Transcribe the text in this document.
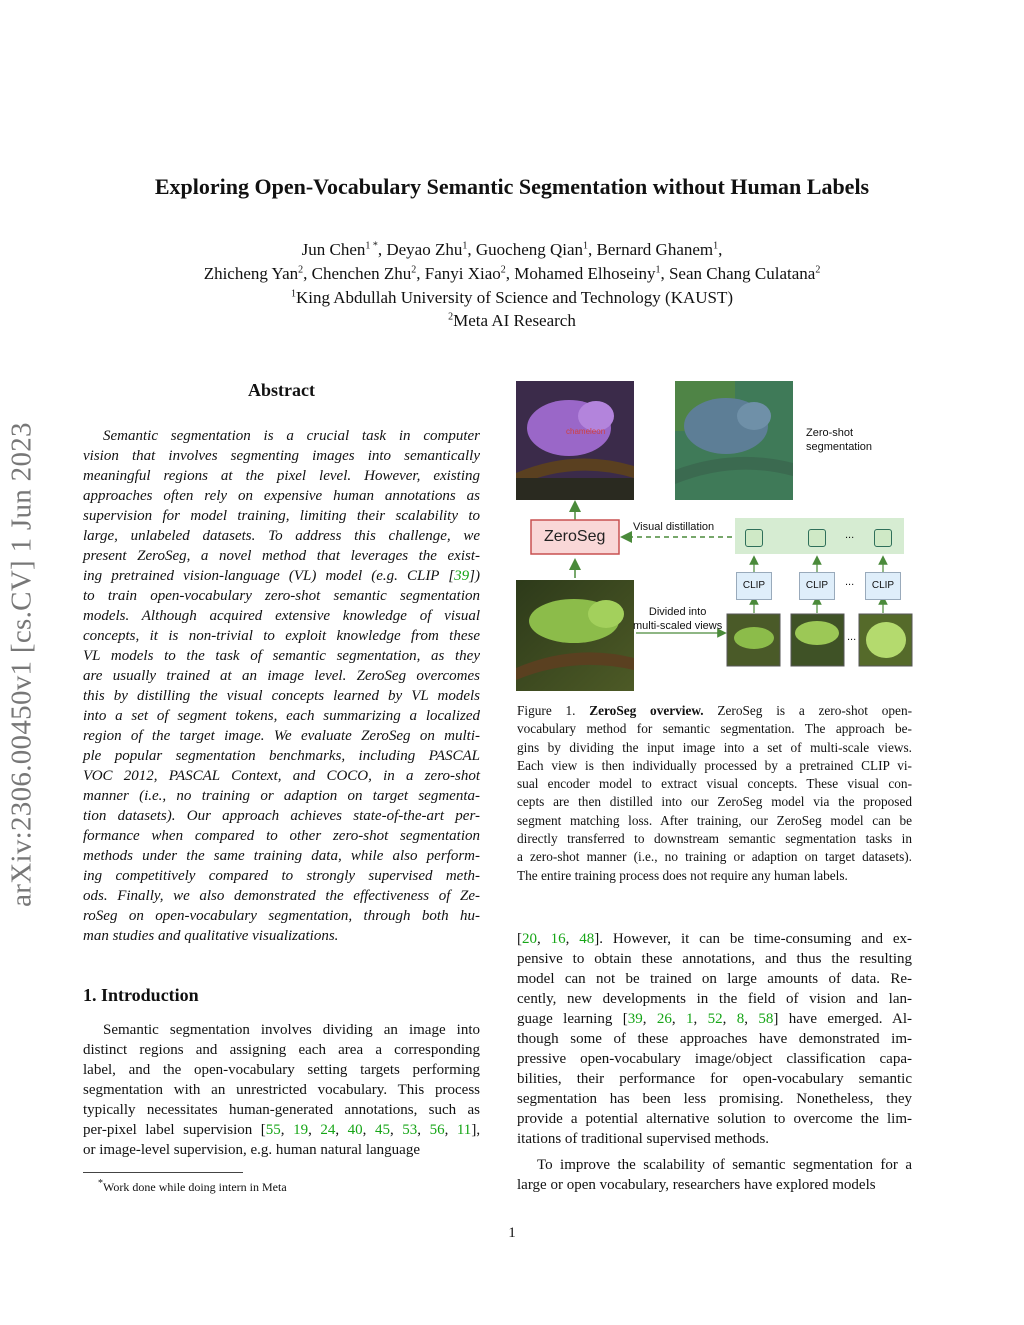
arXiv:2306.00450v1 [cs.CV] 1 Jun 2023
Exploring Open-Vocabulary Semantic Segmentation without Human Labels
Jun Chen$^{1 *}$, Deyao Zhu$^1$, Guocheng Qian$^1$, Bernard Ghanem$^1$,
Zhicheng Yan$^2$, Chenchen Zhu$^2$, Fanyi Xiao$^2$, Mohamed Elhoseiny$^1$, Sean Chang Culatana$^2$
$^1$King Abdullah University of Science and Technology (KAUST)
$^2$Meta AI Research
Abstract
Semantic segmentation is a crucial task in computer
vision that involves segmenting images into semantically
meaningful regions at the pixel level. However, existing
approaches often rely on expensive human annotations as
supervision for model training, limiting their scalability to
large, unlabeled datasets. To address this challenge, we
present ZeroSeg, a novel method that leverages the exist-
ing pretrained vision-language (VL) model (e.g. CLIP [39])
to train open-vocabulary zero-shot semantic segmentation
models. Although acquired extensive knowledge of visual
concepts, it is non-trivial to exploit knowledge from these
VL models to the task of semantic segmentation, as they
are usually trained at an image level. ZeroSeg overcomes
this by distilling the visual concepts learned by VL models
into a set of segment tokens, each summarizing a localized
region of the target image. We evaluate ZeroSeg on multi-
ple popular segmentation benchmarks, including PASCAL
VOC 2012, PASCAL Context, and COCO, in a zero-shot
manner (i.e., no training or adaption on target segmenta-
tion datasets). Our approach achieves state-of-the-art per-
formance when compared to other zero-shot segmentation
methods under the same training data, while also perform-
ing competitively compared to strongly supervised meth-
ods. Finally, we also demonstrated the effectiveness of Ze-
roSeg on open-vocabulary segmentation, through both hu-
man studies and qualitative visualizations.
1. Introduction
Semantic segmentation involves dividing an image into
distinct regions and assigning each area a corresponding
label, and the open-vocabulary setting targets performing
segmentation with an unrestricted vocabulary. This process
typically necessitates human-generated annotations, such as
per-pixel label supervision [55, 19, 24, 40, 45, 53, 56, 11],
or image-level supervision, e.g. human natural language
*Work done while doing intern in Meta
chameleon	Zero-shot
segmentation
ZeroSeg
Visual distillation
Divided into
multi-scaled views
...
CLIP	CLIP	...	CLIP
...
Figure 1. ZeroSeg overview. ZeroSeg is a zero-shot open-
vocabulary method for semantic segmentation. The approach be-
gins by dividing the input image into a set of multi-scale views.
Each view is then individually processed by a pretrained CLIP vi-
sual encoder model to extract visual concepts. These visual con-
cepts are then distilled into our ZeroSeg model via the proposed
segment matching loss. After training, our ZeroSeg model can be
directly transferred to downstream semantic segmentation tasks in
a zero-shot manner (i.e., no training or adaption on target datasets).
The entire training process does not require any human labels.
[20, 16, 48]. However, it can be time-consuming and ex-
pensive to obtain these annotations, and thus the resulting
model can not be trained on large amounts of data. Re-
cently, new developments in the field of vision and lan-
guage learning [39, 26, 1, 52, 8, 58] have emerged. Al-
though some of these approaches have demonstrated im-
pressive open-vocabulary image/object classification capa-
bilities, their performance for open-vocabulary semantic
segmentation has been less promising. Nonetheless, they
provide a potential alternative solution to overcome the lim-
itations of traditional supervised methods.
To improve the scalability of semantic segmentation for a
large or open vocabulary, researchers have explored models
1
